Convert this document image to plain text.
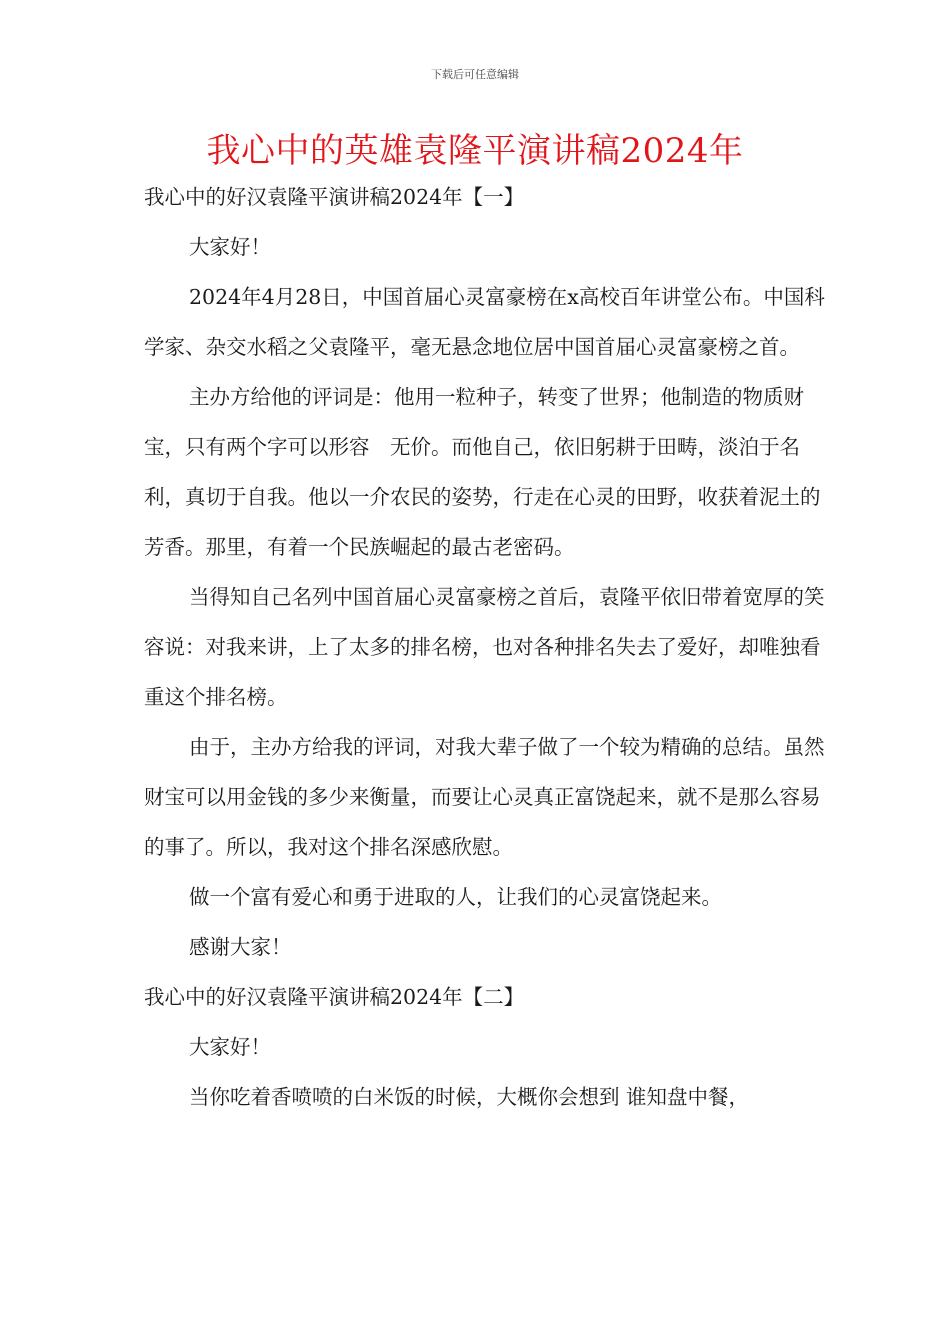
下载后可任意编辑
我心中的英雄袁隆平演讲稿2024年

我心中的好汉袁隆平演讲稿2024年【一】

大家好！

2024年4月28日，中国首届心灵富豪榜在x高校百年讲堂公布。中国科学家、杂交水稻之父袁隆平，毫无悬念地位居中国首届心灵富豪榜之首。

主办方给他的评词是：他用一粒种子，转变了世界；他制造的物质财宝，只有两个字可以形容　无价。而他自己，依旧躬耕于田畴，淡泊于名利，真切于自我。他以一介农民的姿势，行走在心灵的田野，收获着泥土的芳香。那里，有着一个民族崛起的最古老密码。

当得知自己名列中国首届心灵富豪榜之首后，袁隆平依旧带着宽厚的笑容说：对我来讲，上了太多的排名榜，也对各种排名失去了爱好，却唯独看重这个排名榜。

由于，主办方给我的评词，对我大辈子做了一个较为精确的总结。虽然财宝可以用金钱的多少来衡量，而要让心灵真正富饶起来，就不是那么容易的事了。所以，我对这个排名深感欣慰。

做一个富有爱心和勇于进取的人，让我们的心灵富饶起来。

感谢大家！

我心中的好汉袁隆平演讲稿2024年【二】

大家好！

当你吃着香喷喷的白米饭的时候，大概你会想到 谁知盘中餐，
